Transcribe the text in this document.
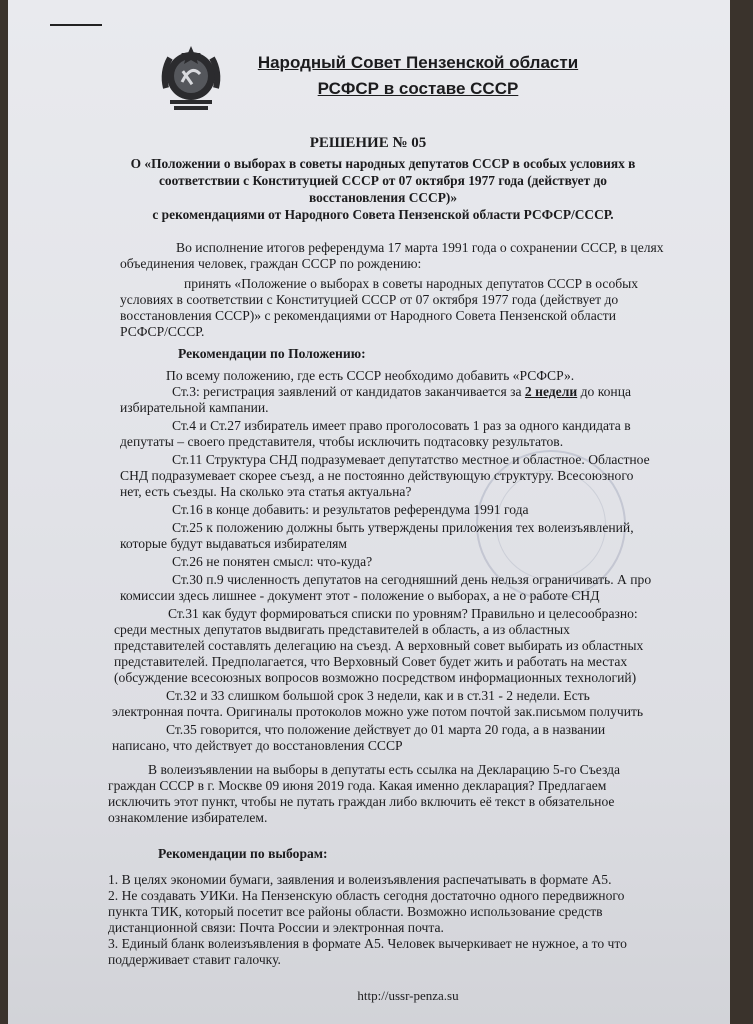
Народный Совет Пензенской области
РСФСР в составе СССР
РЕШЕНИЕ № 05
О «Положении о выборах в советы народных депутатов СССР в особых условиях в
соответствии с Конституцией СССР от 07 октября 1977 года (действует до
восстановления СССР)»
с рекомендациями от Народного Совета Пензенской области РСФСР/СССР.
Во исполнение итогов референдума 17 марта 1991 года о сохранении СССР, в целях
объединения человек, граждан СССР по рождению:
принять «Положение о выборах в советы народных депутатов СССР в особых
условиях в соответствии с Конституцией СССР от 07 октября 1977 года (действует до
восстановления СССР)» с рекомендациями от Народного Совета Пензенской области
РСФСР/СССР.
Рекомендации по Положению:
По всему положению, где есть СССР необходимо добавить «РСФСР».
Ст.3: регистрация заявлений от кандидатов заканчивается за 2 недели до конца
избирательной кампании.
Ст.4 и Ст.27 избиратель имеет право проголосовать 1 раз за одного кандидата в
депутаты – своего представителя, чтобы исключить подтасовку результатов.
Ст.11 Структура СНД подразумевает депутатство местное и областное. Областное
СНД подразумевает скорее съезд, а не постоянно действующую структуру. Всесоюзного
нет, есть съезды. На сколько эта статья актуальна?
Ст.16 в конце добавить: и результатов референдума 1991 года
Ст.25 к положению должны быть утверждены приложения тех волеизъявлений,
которые будут выдаваться избирателям
Ст.26 не понятен смысл: что-куда?
Ст.30 п.9 численность депутатов на сегодняшний день нельзя ограничивать. А про
комиссии здесь лишнее - документ этот - положение о выборах, а не о работе СНД
Ст.31 как будут формироваться списки по уровням? Правильно и целесообразно:
среди местных депутатов выдвигать представителей в область, а из областных
представителей составлять делегацию на съезд. А верховный совет выбирать из областных
представителей. Предполагается, что Верховный Совет будет жить и работать на местах
(обсуждение всесоюзных вопросов возможно посредством информационных технологий)
Ст.32 и 33 слишком большой срок 3 недели, как и в ст.31 - 2 недели. Есть
электронная почта. Оригиналы протоколов можно уже потом почтой зак.письмом получить
Ст.35 говорится, что положение действует до 01 марта 20 года, а в названии
написано, что действует до восстановления СССР
В волеизъявлении на выборы в депутаты есть ссылка на Декларацию 5-го Съезда
граждан СССР в г. Москве 09 июня 2019 года. Какая именно декларация? Предлагаем
исключить этот пункт, чтобы не путать граждан либо включить её текст в обязательное
ознакомление избирателем.
Рекомендации по выборам:
1. В целях экономии бумаги, заявления и волеизъявления распечатывать в формате А5.
2. Не создавать УИКи. На Пензенскую область сегодня достаточно одного передвижного
пункта ТИК, который посетит все районы области. Возможно использование средств
дистанционной связи: Почта России и электронная почта.
3. Единый бланк волеизъявления в формате А5. Человек вычеркивает не нужное, а то что
поддерживает ставит галочку.
http://ussr-penza.su
